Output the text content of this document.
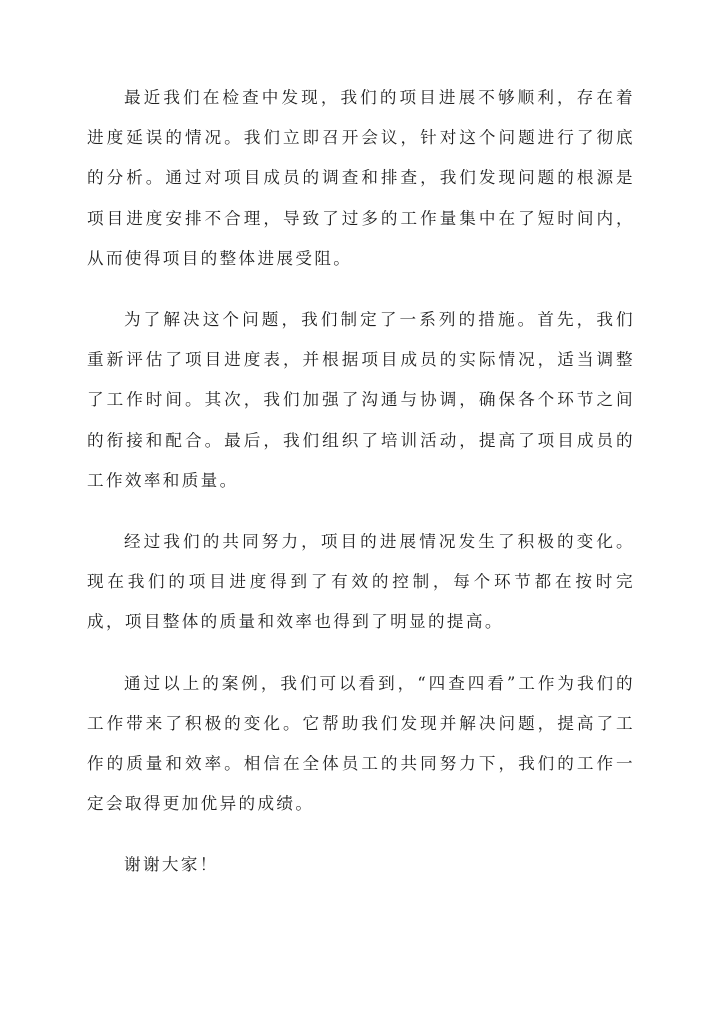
最近我们在检查中发现，我们的项目进展不够顺利，存在着进度延误的情况。我们立即召开会议，针对这个问题进行了彻底的分析。通过对项目成员的调查和排查，我们发现问题的根源是项目进度安排不合理，导致了过多的工作量集中在了短时间内，从而使得项目的整体进展受阻。

为了解决这个问题，我们制定了一系列的措施。首先，我们重新评估了项目进度表，并根据项目成员的实际情况，适当调整了工作时间。其次，我们加强了沟通与协调，确保各个环节之间的衔接和配合。最后，我们组织了培训活动，提高了项目成员的工作效率和质量。

经过我们的共同努力，项目的进展情况发生了积极的变化。现在我们的项目进度得到了有效的控制，每个环节都在按时完成，项目整体的质量和效率也得到了明显的提高。

通过以上的案例，我们可以看到，“四查四看”工作为我们的工作带来了积极的变化。它帮助我们发现并解决问题，提高了工作的质量和效率。相信在全体员工的共同努力下，我们的工作一定会取得更加优异的成绩。

谢谢大家！
